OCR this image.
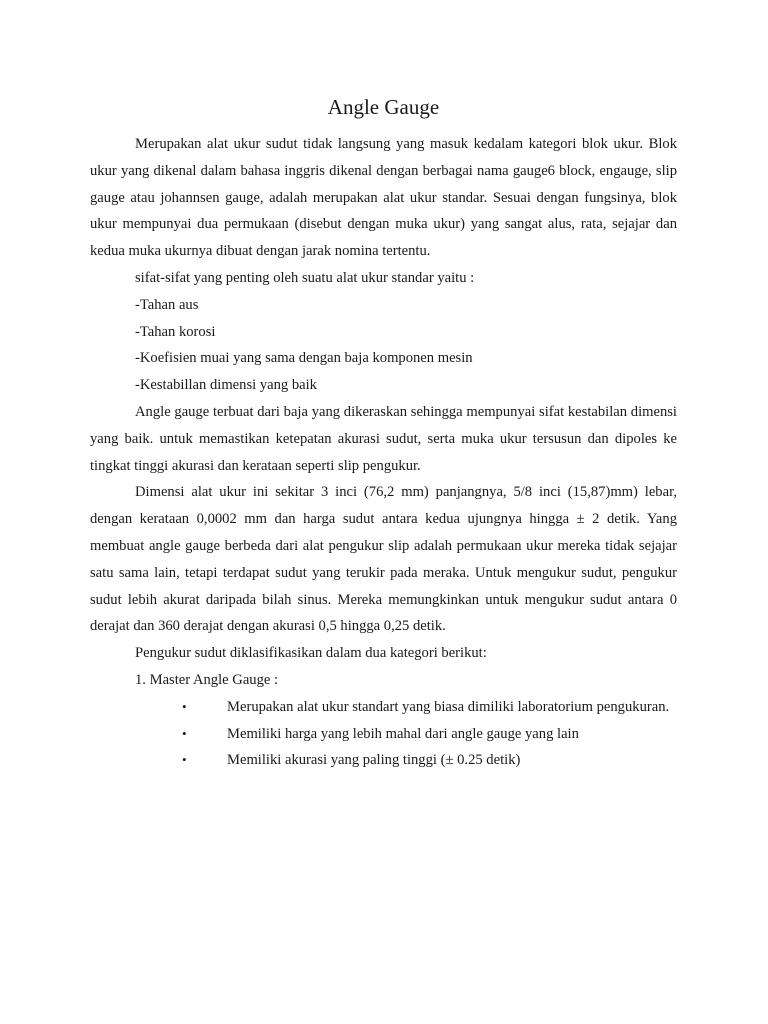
Angle Gauge

Merupakan alat ukur sudut tidak langsung yang masuk kedalam kategori blok ukur. Blok ukur yang dikenal dalam bahasa inggris dikenal dengan berbagai nama gauge6 block, engauge, slip gauge atau johannsen gauge, adalah merupakan alat ukur standar. Sesuai dengan fungsinya, blok ukur mempunyai dua permukaan (disebut dengan muka ukur) yang sangat alus, rata, sejajar dan kedua muka ukurnya dibuat dengan jarak nomina tertentu.

sifat-sifat yang penting oleh suatu alat ukur standar yaitu :

-Tahan aus

-Tahan korosi

-Koefisien muai yang sama dengan baja komponen mesin

-Kestabillan dimensi yang baik

Angle gauge terbuat dari baja yang dikeraskan sehingga mempunyai sifat kestabilan dimensi yang baik. untuk memastikan ketepatan akurasi sudut, serta muka ukur tersusun dan dipoles ke tingkat tinggi akurasi dan kerataan seperti slip pengukur.

Dimensi alat ukur ini sekitar 3 inci (76,2 mm) panjangnya, 5/8 inci (15,87)mm) lebar, dengan kerataan 0,0002 mm dan harga sudut antara kedua ujungnya hingga ± 2 detik. Yang membuat angle gauge berbeda dari alat pengukur slip adalah permukaan ukur mereka tidak sejajar satu sama lain, tetapi terdapat sudut yang terukir pada meraka. Untuk mengukur sudut, pengukur sudut lebih akurat daripada bilah sinus. Mereka memungkinkan untuk mengukur sudut antara 0 derajat dan 360 derajat dengan akurasi 0,5 hingga 0,25 detik.

Pengukur sudut diklasifikasikan dalam dua kategori berikut:

1. Master Angle Gauge :

•	Merupakan alat ukur standart yang biasa dimiliki laboratorium pengukuran.

•	Memiliki harga yang lebih mahal dari angle gauge yang lain

•	Memiliki akurasi yang paling tinggi (± 0.25 detik)
